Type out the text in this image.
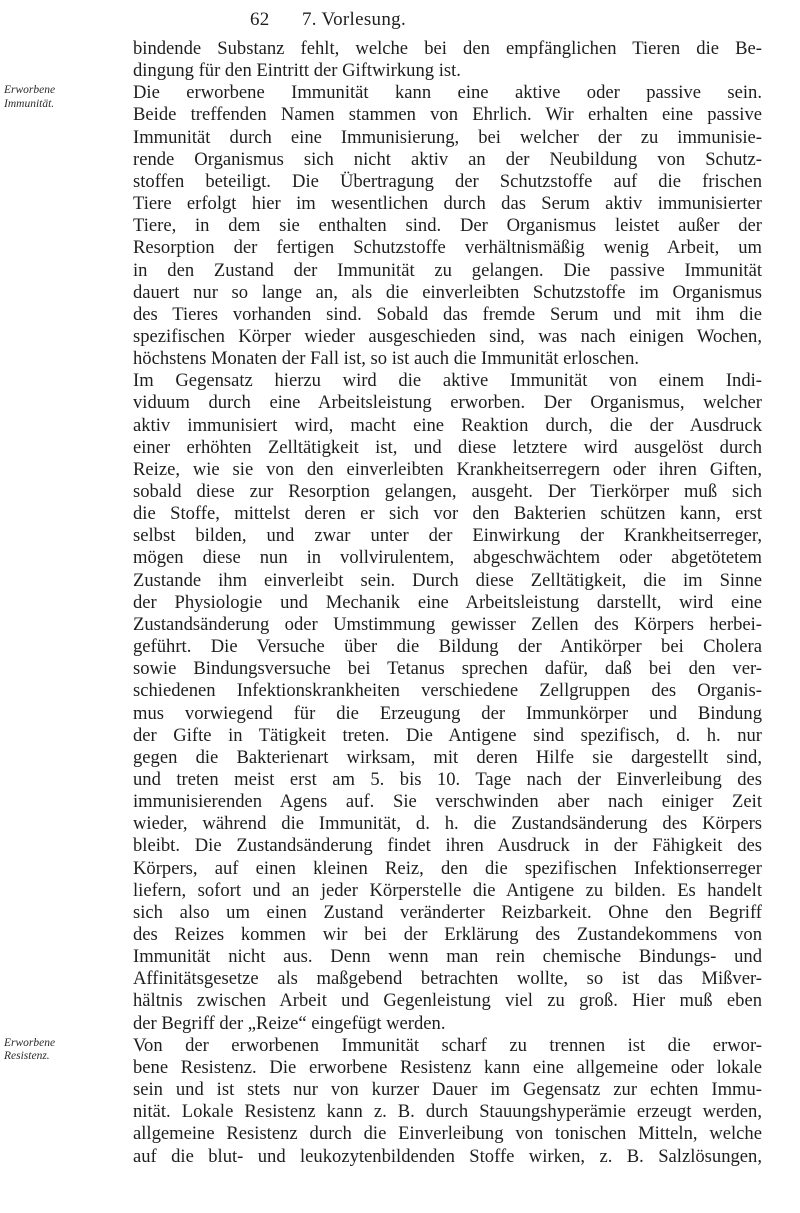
62 7. Vorlesung.
Erworbene
Immunität.
Erworbene
Resistenz.
bindende Substanz fehlt, welche bei den empfänglichen Tieren die Be-
dingung für den Eintritt der Giftwirkung ist.
Die erworbene Immunität kann eine aktive oder passive sein.
Beide treffenden Namen stammen von Ehrlich. Wir erhalten eine passive
Immunität durch eine Immunisierung, bei welcher der zu immunisie-
rende Organismus sich nicht aktiv an der Neubildung von Schutz-
stoffen beteiligt. Die Übertragung der Schutzstoffe auf die frischen
Tiere erfolgt hier im wesentlichen durch das Serum aktiv immunisierter
Tiere, in dem sie enthalten sind. Der Organismus leistet außer der
Resorption der fertigen Schutzstoffe verhältnismäßig wenig Arbeit, um
in den Zustand der Immunität zu gelangen. Die passive Immunität
dauert nur so lange an, als die einverleibten Schutzstoffe im Organismus
des Tieres vorhanden sind. Sobald das fremde Serum und mit ihm die
spezifischen Körper wieder ausgeschieden sind, was nach einigen Wochen,
höchstens Monaten der Fall ist, so ist auch die Immunität erloschen.
Im Gegensatz hierzu wird die aktive Immunität von einem Indi-
viduum durch eine Arbeitsleistung erworben. Der Organismus, welcher
aktiv immunisiert wird, macht eine Reaktion durch, die der Ausdruck
einer erhöhten Zelltätigkeit ist, und diese letztere wird ausgelöst durch
Reize, wie sie von den einverleibten Krankheitserregern oder ihren Giften,
sobald diese zur Resorption gelangen, ausgeht. Der Tierkörper muß sich
die Stoffe, mittelst deren er sich vor den Bakterien schützen kann, erst
selbst bilden, und zwar unter der Einwirkung der Krankheitserreger,
mögen diese nun in vollvirulentem, abgeschwächtem oder abgetötetem
Zustande ihm einverleibt sein. Durch diese Zelltätigkeit, die im Sinne
der Physiologie und Mechanik eine Arbeitsleistung darstellt, wird eine
Zustandsänderung oder Umstimmung gewisser Zellen des Körpers herbei-
geführt. Die Versuche über die Bildung der Antikörper bei Cholera
sowie Bindungsversuche bei Tetanus sprechen dafür, daß bei den ver-
schiedenen Infektionskrankheiten verschiedene Zellgruppen des Organis-
mus vorwiegend für die Erzeugung der Immunkörper und Bindung
der Gifte in Tätigkeit treten. Die Antigene sind spezifisch, d. h. nur
gegen die Bakterienart wirksam, mit deren Hilfe sie dargestellt sind,
und treten meist erst am 5. bis 10. Tage nach der Einverleibung des
immunisierenden Agens auf. Sie verschwinden aber nach einiger Zeit
wieder, während die Immunität, d. h. die Zustandsänderung des Körpers
bleibt. Die Zustandsänderung findet ihren Ausdruck in der Fähigkeit des
Körpers, auf einen kleinen Reiz, den die spezifischen Infektionserreger
liefern, sofort und an jeder Körperstelle die Antigene zu bilden. Es handelt
sich also um einen Zustand veränderter Reizbarkeit. Ohne den Begriff
des Reizes kommen wir bei der Erklärung des Zustandekommens von
Immunität nicht aus. Denn wenn man rein chemische Bindungs- und
Affinitätsgesetze als maßgebend betrachten wollte, so ist das Mißver-
hältnis zwischen Arbeit und Gegenleistung viel zu groß. Hier muß eben
der Begriff der „Reize“ eingefügt werden.
Von der erworbenen Immunität scharf zu trennen ist die erwor-
bene Resistenz. Die erworbene Resistenz kann eine allgemeine oder lokale
sein und ist stets nur von kurzer Dauer im Gegensatz zur echten Immu-
nität. Lokale Resistenz kann z. B. durch Stauungshyperämie erzeugt werden,
allgemeine Resistenz durch die Einverleibung von tonischen Mitteln, welche
auf die blut- und leukozytenbildenden Stoffe wirken, z. B. Salzlösungen,
